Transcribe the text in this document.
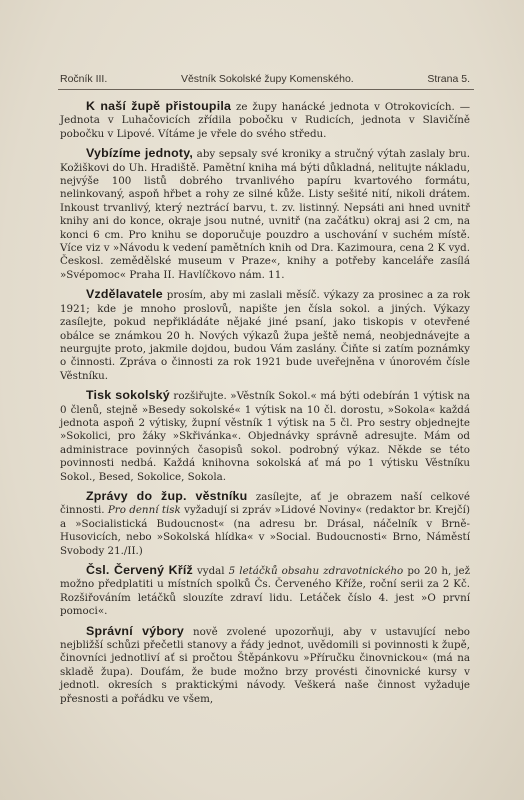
Ročník III.	Věstník Sokolské župy Komenského.	Strana 5.

K naší župě přistoupila ze župy hanácké jednota v Otrokovicích. — Jednota v Luhačovicích zřídila pobočku v Rudicích, jednota v Slavičíně pobočku v Lipové. Vítáme je vřele do svého středu.

Vybízíme jednoty, aby sepsaly své kroniky a stručný výtah zaslaly bru. Kožiškovi do Uh. Hradiště. Pamětní kniha má býti důkladná, nelitujte nákladu, nejvýše 100 listů dobrého trvanlivého papíru kvartového formátu, nelinkovaný, aspoň hřbet a rohy ze silné kůže. Listy sešité nití, nikoli drátem. Inkoust trvanlivý, který neztrácí barvu, t. zv. listinný. Nepsáti ani hned uvnitř knihy ani do konce, okraje jsou nutné, uvnitř (na začátku) okraj asi 2 cm, na konci 6 cm. Pro knihu se doporučuje pouzdro a uschování v suchém místě. Více viz v »Návodu k vedení pamětních knih od Dra. Kazimoura, cena 2 K vyd. Českosl. zemědělské museum v Praze«, knihy a potřeby kanceláře zasílá »Svépomoc« Praha II. Havlíčkovo nám. 11.

Vzdělavatele prosím, aby mi zaslali měsíč. výkazy za prosinec a za rok 1921; kde je mnoho proslovů, napište jen čísla sokol. a jiných. Výkazy zasílejte, pokud nepřikládáte nějaké jiné psaní, jako tiskopis v otevřené obálce se známkou 20 h. Nových výkazů župa ještě nemá, neobjednávejte a neurgujte proto, jakmile dojdou, budou Vám zaslány. Čiňte si zatím poznámky o činnosti. Zpráva o činnosti za rok 1921 bude uveřejněna v únorovém čísle Věstníku.

Tisk sokolský rozšiřujte. »Věstník Sokol.« má býti odebírán 1 výtisk na 0 členů, stejně »Besedy sokolské« 1 výtisk na 10 čl. dorostu, »Sokola« každá jednota aspoň 2 výtisky, župní věstník 1 výtisk na 5 čl. Pro sestry objednejte »Sokolici, pro žáky »Skřivánka«. Objednávky správně adresujte. Mám od administrace povinných časopisů sokol. podrobný výkaz. Někde se této povinnosti nedbá. Každá knihovna sokolská ať má po 1 výtisku Věstníku Sokol., Besed, Sokolice, Sokola.

Zprávy do žup. věstníku zasílejte, ať je obrazem naší celkové činnosti. Pro denní tisk vyžadují si zpráv »Lidové Noviny« (redaktor br. Krejčí) a »Socialistická Budoucnost« (na adresu br. Drásal, náčelník v Brně-Husovicích, nebo »Sokolská hlídka« v »Social. Budoucnosti« Brno, Náměstí Svobody 21./II.)

Čsl. Červený Kříž vydal 5 letáčků obsahu zdravotnického po 20 h, jež možno předplatiti u místních spolků Čs. Červeného Kříže, roční serii za 2 Kč. Rozšiřováním letáčků slouzíte zdraví lidu. Letáček číslo 4. jest »O první pomoci«.

Správní výbory nově zvolené upozorňuji, aby v ustavující nebo nejbližší schůzi přečetli stanovy a řády jednot, uvědomili si povinnosti k župě, činovníci jednotliví ať si pročtou Štěpánkovu »Příručku činovnickou« (má na skladě župa). Doufám, že bude možno brzy provésti činovnické kursy v jednotl. okresích s praktickými návody. Veškerá naše činnost vyžaduje přesnosti a pořádku ve všem,
